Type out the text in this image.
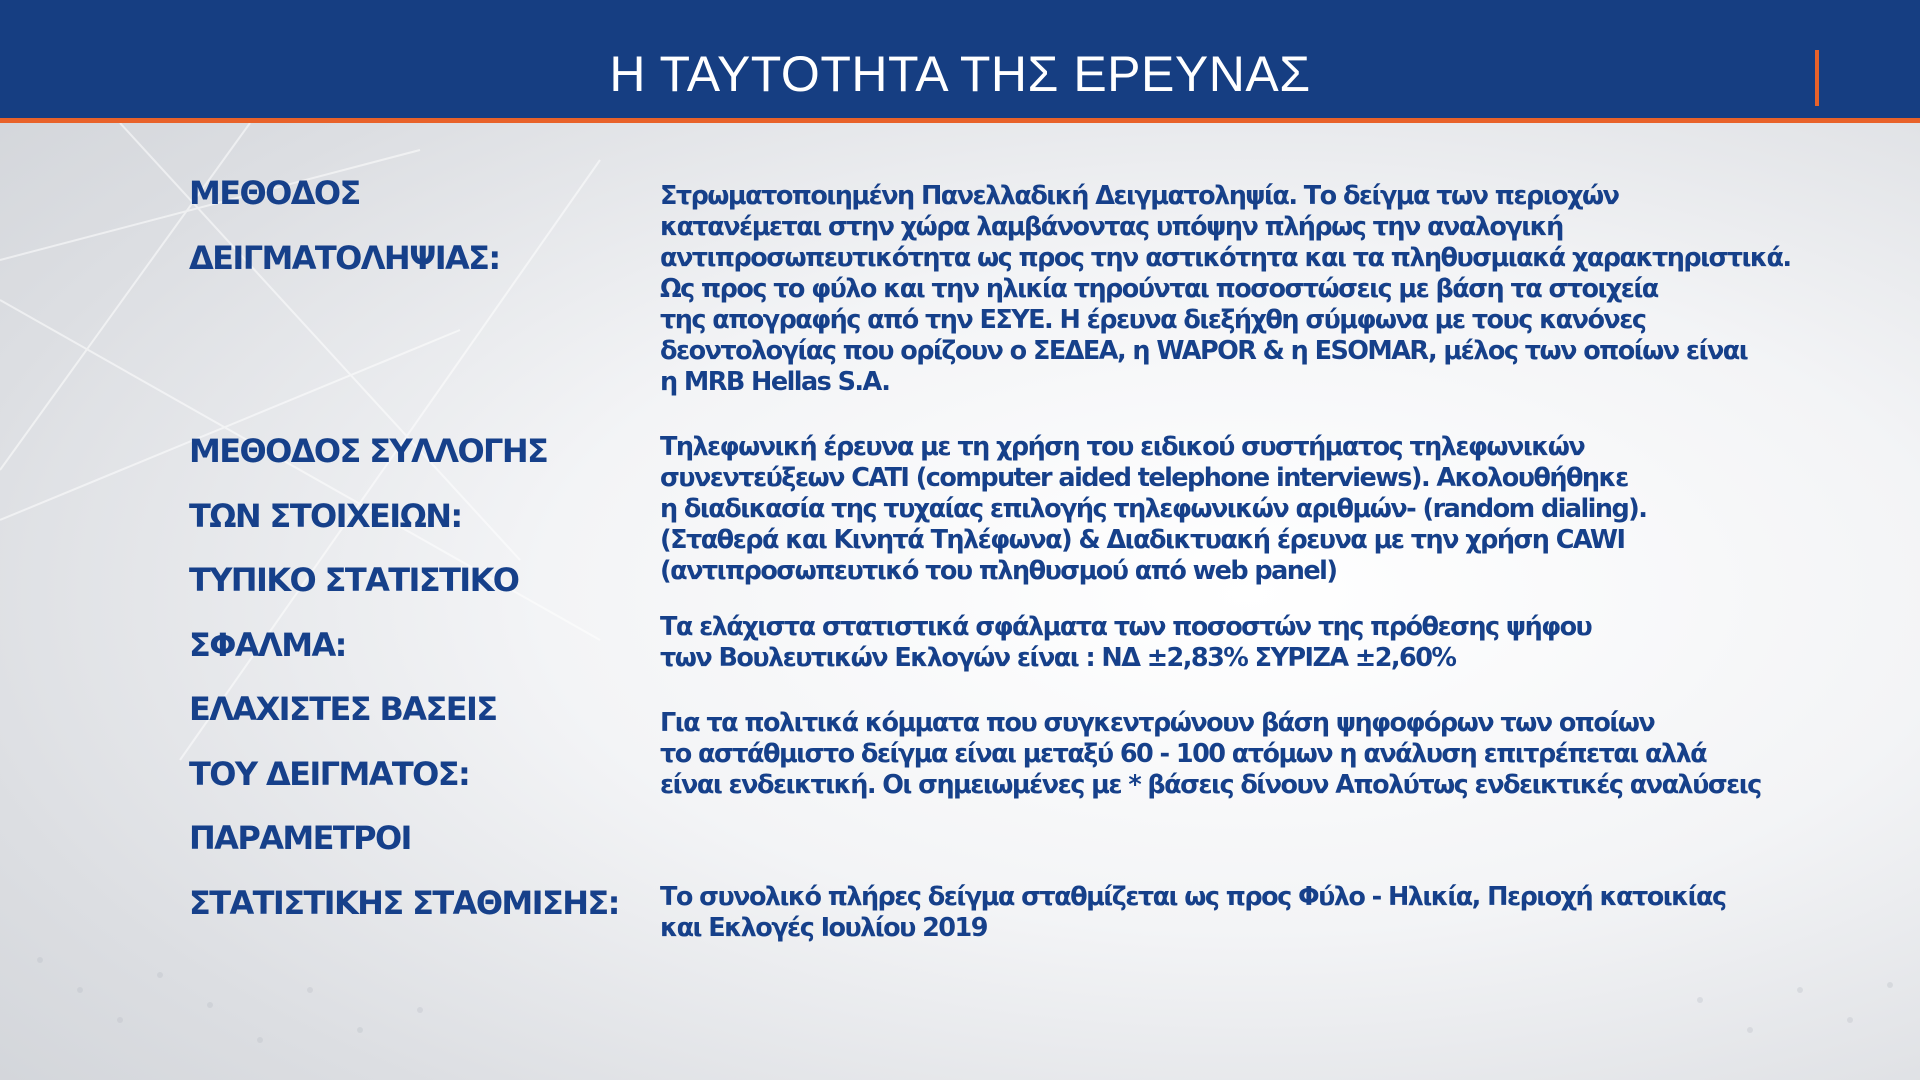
Η ΤΑΥΤΟΤΗΤΑ ΤΗΣ ΕΡΕΥΝΑΣ
ΜΕΘΟΔΟΣ
ΔΕΙΓΜΑΤΟΛΗΨΙΑΣ:
ΜΕΘΟΔΟΣ ΣΥΛΛΟΓΗΣ
ΤΩΝ ΣΤΟΙΧΕΙΩΝ:
ΤΥΠΙΚΟ ΣΤΑΤΙΣΤΙΚΟ
ΣΦΑΛΜΑ:
ΕΛΑΧΙΣΤΕΣ ΒΑΣΕΙΣ
ΤΟΥ ΔΕΙΓΜΑΤΟΣ:
ΠΑΡΑΜΕΤΡΟΙ
ΣΤΑΤΙΣΤΙΚΗΣ ΣΤΑΘΜΙΣΗΣ:
Στρωματοποιημένη Πανελλαδική Δειγματοληψία. Το δείγμα των περιοχών
κατανέμεται στην χώρα λαμβάνοντας υπόψην πλήρως την αναλογική
αντιπροσωπευτικότητα ως προς την αστικότητα και τα πληθυσμιακά χαρακτηριστικά.
Ως προς το φύλο και την ηλικία τηρούνται ποσοστώσεις με βάση τα στοιχεία
της απογραφής από την ΕΣΥΕ. Η έρευνα διεξήχθη σύμφωνα με τους κανόνες
δεοντολογίας που ορίζουν ο ΣΕΔΕΑ, η WAPOR & η ESOMAR, μέλος των οποίων είναι
η MRB Hellas S.A.
Τηλεφωνική έρευνα με τη χρήση του ειδικού συστήματος τηλεφωνικών
συνεντεύξεων CATI (computer aided telephone interviews). Ακολουθήθηκε
η διαδικασία της τυχαίας επιλογής τηλεφωνικών αριθμών- (random dialing).
(Σταθερά και Κινητά Τηλέφωνα) & Διαδικτυακή έρευνα με την χρήση CAWI
(αντιπροσωπευτικό του πληθυσμού από web panel)
Τα ελάχιστα στατιστικά σφάλματα των ποσοστών της πρόθεσης ψήφου
των Βουλευτικών Εκλογών είναι : ΝΔ ±2,83% ΣΥΡΙΖΑ ±2,60%
Για τα πολιτικά κόμματα που συγκεντρώνουν βάση ψηφοφόρων των οποίων
το αστάθμιστο δείγμα είναι μεταξύ 60 - 100 ατόμων η ανάλυση επιτρέπεται αλλά
είναι ενδεικτική. Οι σημειωμένες με * βάσεις δίνουν Απολύτως ενδεικτικές αναλύσεις
Το συνολικό πλήρες δείγμα σταθμίζεται ως προς Φύλο - Ηλικία, Περιοχή κατοικίας
και Εκλογές Ιουλίου 2019
